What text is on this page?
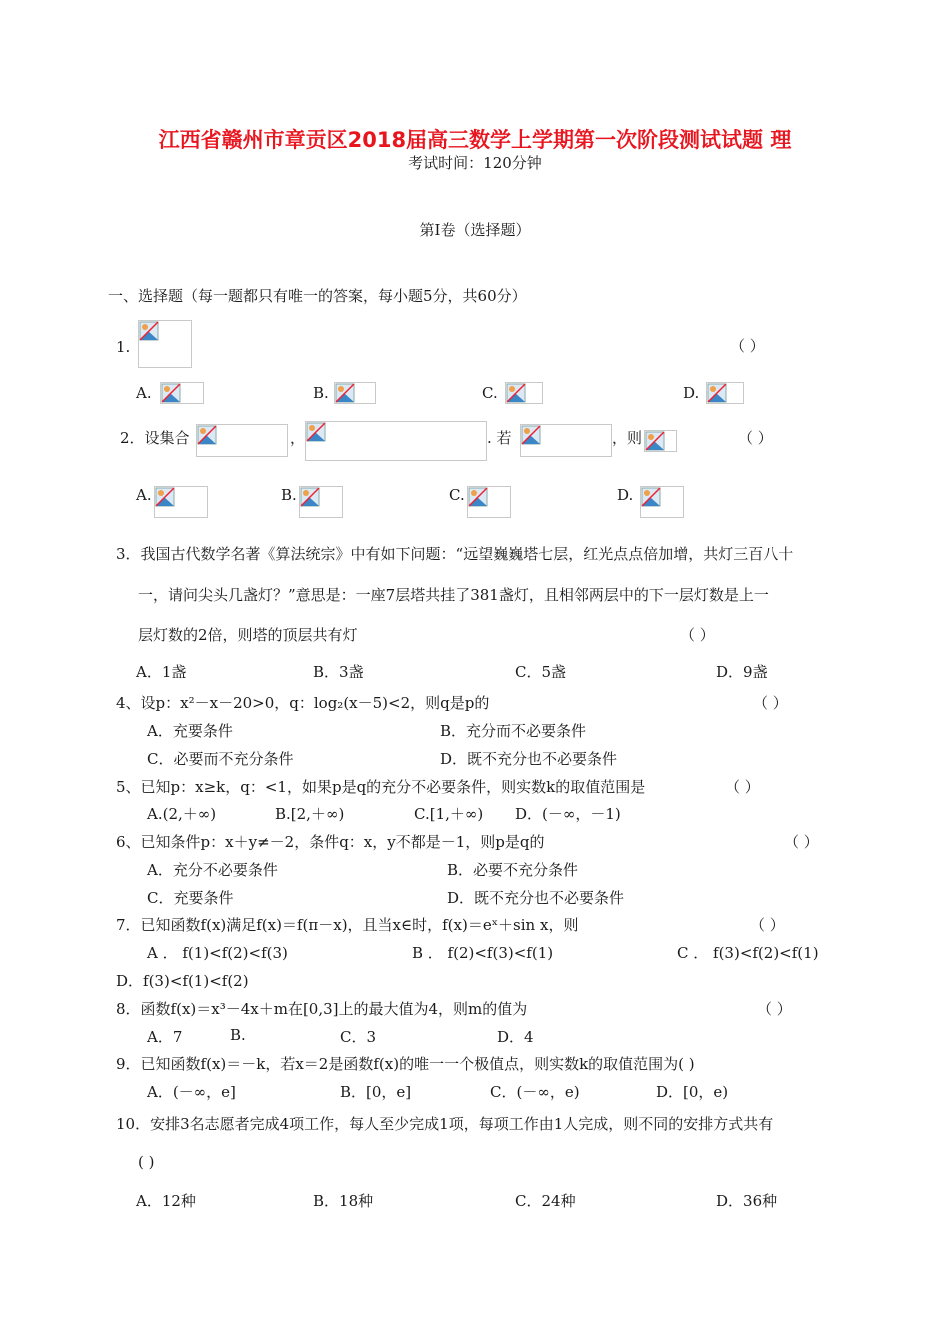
江西省赣州市章贡区2018届高三数学上学期第一次阶段测试试题 理
考试时间：120分钟
第I卷（选择题）
一、选择题（每一题都只有唯一的答案，每小题5分，共60分）
1.	（ ）
A.	B.	C.	D.
2．设集合	，	. 若	，则	（ ）
A.	B.	C.	D.
3．我国古代数学名著《算法统宗》中有如下问题：“远望巍巍塔七层，红光点点倍加增，共灯三百八十
一，请问尖头几盏灯？”意思是：一座7层塔共挂了381盏灯，且相邻两层中的下一层灯数是上一
层灯数的2倍，则塔的顶层共有灯	（ ）
A．1盏	B．3盏	C．5盏	D．9盏
4、设p：x²－x－20>0，q：log₂(x－5)<2，则q是p的	（ ）
A．充要条件	B．充分而不必要条件
C．必要而不充分条件	D．既不充分也不必要条件
5、已知p：x≥k，q：<1，如果p是q的充分不必要条件，则实数k的取值范围是	（ ）
A.(2,＋∞)	B.[2,＋∞)	C.[1,＋∞) D．(－∞，－1)
6、已知条件p：x＋y≠－2，条件q：x，y不都是－1，则p是q的	（ ）
A．充分不必要条件	B．必要不充分条件
C．充要条件	D．既不充分也不必要条件
7．已知函数f(x)满足f(x)＝f(π－x)，且当x∈时，f(x)＝eˣ＋sin x，则	（ ）
A ． f(1)<f(2)<f(3)	B ． f(2)<f(3)<f(1)	C ． f(3)<f(2)<f(1)
D．f(3)<f(1)<f(2)
8．函数f(x)＝x³－4x＋m在[0,3]上的最大值为4，则m的值为	（ ）
A．7	B.	C．3	D．4
9．已知函数f(x)＝－k，若x＝2是函数f(x)的唯一一个极值点，则实数k的取值范围为( )
A．(－∞，e]	B．[0，e]	C．(－∞，e)	D．[0，e)
10．安排3名志愿者完成4项工作，每人至少完成1项，每项工作由1人完成，则不同的安排方式共有
( )
A．12种	B．18种	C．24种	D．36种
